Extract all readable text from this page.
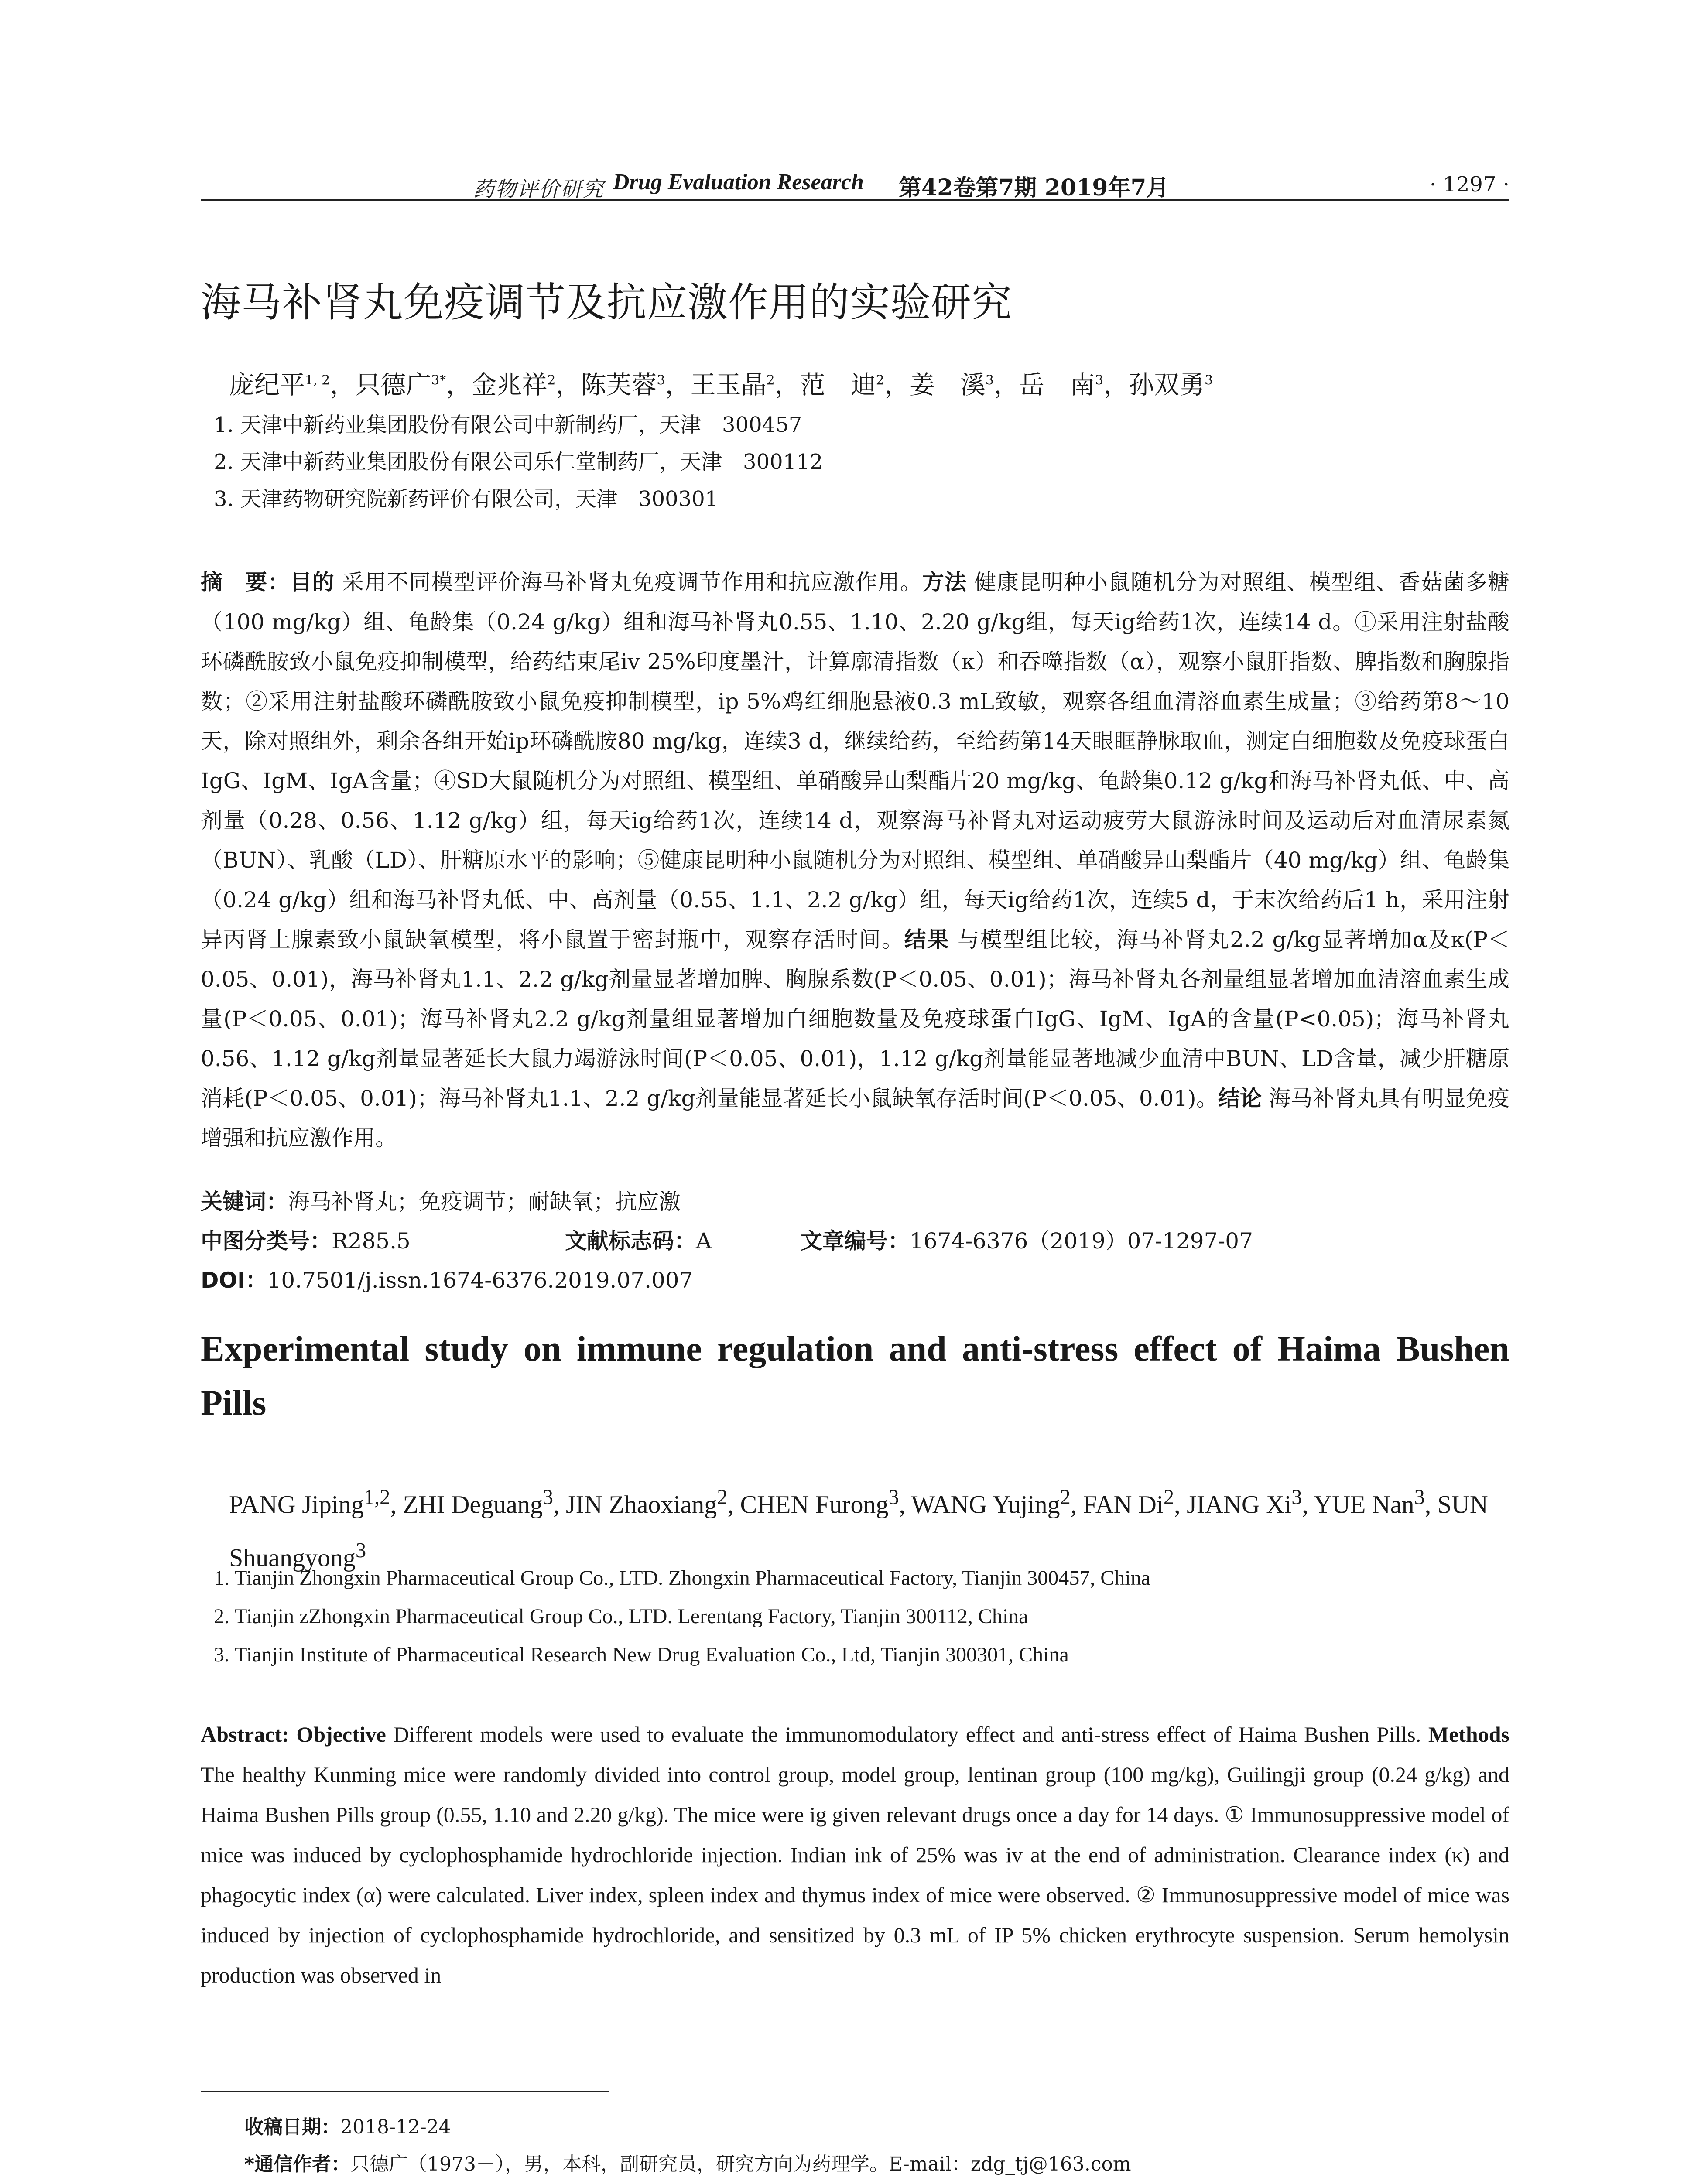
药物评价研究 Drug Evaluation Research 第42卷第7期 2019年7月	· 1297 ·
海马补肾丸免疫调节及抗应激作用的实验研究
庞纪平$^{1, 2}$，只德广$^{3*}$，金兆祥$^2$，陈芙蓉$^3$，王玉晶$^2$，范　迪$^2$，姜　溪$^3$，岳　南$^3$，孙双勇$^3$
1. 天津中新药业集团股份有限公司中新制药厂，天津　300457
2. 天津中新药业集团股份有限公司乐仁堂制药厂，天津　300112
3. 天津药物研究院新药评价有限公司，天津　300301
摘　要：目的 采用不同模型评价海马补肾丸免疫调节作用和抗应激作用。方法 健康昆明种小鼠随机分为对照组、模型组、香菇菌多糖（100 mg/kg）组、龟龄集（0.24 g/kg）组和海马补肾丸0.55、1.10、2.20 g/kg组，每天ig给药1次，连续14 d。①采用注射盐酸环磷酰胺致小鼠免疫抑制模型，给药结束尾iv 25%印度墨汁，计算廓清指数（κ）和吞噬指数（α），观察小鼠肝指数、脾指数和胸腺指数；②采用注射盐酸环磷酰胺致小鼠免疫抑制模型，ip 5%鸡红细胞悬液0.3 mL致敏，观察各组血清溶血素生成量；③给药第8～10天，除对照组外，剩余各组开始ip环磷酰胺80 mg/kg，连续3 d，继续给药，至给药第14天眼眶静脉取血，测定白细胞数及免疫球蛋白IgG、IgM、IgA含量；④SD大鼠随机分为对照组、模型组、单硝酸异山梨酯片20 mg/kg、龟龄集0.12 g/kg和海马补肾丸低、中、高剂量（0.28、0.56、1.12 g/kg）组，每天ig给药1次，连续14 d，观察海马补肾丸对运动疲劳大鼠游泳时间及运动后对血清尿素氮（BUN）、乳酸（LD）、肝糖原水平的影响；⑤健康昆明种小鼠随机分为对照组、模型组、单硝酸异山梨酯片（40 mg/kg）组、龟龄集（0.24 g/kg）组和海马补肾丸低、中、高剂量（0.55、1.1、2.2 g/kg）组，每天ig给药1次，连续5 d，于末次给药后1 h，采用注射异丙肾上腺素致小鼠缺氧模型，将小鼠置于密封瓶中，观察存活时间。结果 与模型组比较，海马补肾丸2.2 g/kg显著增加α及κ(P＜0.05、0.01)，海马补肾丸1.1、2.2 g/kg剂量显著增加脾、胸腺系数(P＜0.05、0.01)；海马补肾丸各剂量组显著增加血清溶血素生成量(P＜0.05、0.01)；海马补肾丸2.2 g/kg剂量组显著增加白细胞数量及免疫球蛋白IgG、IgM、IgA的含量(P<0.05)；海马补肾丸0.56、1.12 g/kg剂量显著延长大鼠力竭游泳时间(P＜0.05、0.01)，1.12 g/kg剂量能显著地减少血清中BUN、LD含量，减少肝糖原消耗(P＜0.05、0.01)；海马补肾丸1.1、2.2 g/kg剂量能显著延长小鼠缺氧存活时间(P＜0.05、0.01)。结论 海马补肾丸具有明显免疫增强和抗应激作用。
关键词：海马补肾丸；免疫调节；耐缺氧；抗应激
中图分类号：R285.5	文献标志码：A	文章编号：1674-6376（2019）07-1297-07
DOI：10.7501/j.issn.1674-6376.2019.07.007
Experimental study on immune regulation and anti-stress effect of Haima Bushen Pills
PANG Jiping$^{1,2}$, ZHI Deguang$^3$, JIN Zhaoxiang$^2$, CHEN Furong$^3$, WANG Yujing$^2$, FAN Di$^2$, JIANG Xi$^3$, YUE Nan$^3$, SUN Shuangyong$^3$
1. Tianjin Zhongxin Pharmaceutical Group Co., LTD. Zhongxin Pharmaceutical Factory, Tianjin 300457, China
2. Tianjin zZhongxin Pharmaceutical Group Co., LTD. Lerentang Factory, Tianjin 300112, China
3. Tianjin Institute of Pharmaceutical Research New Drug Evaluation Co., Ltd, Tianjin 300301, China
Abstract: Objective Different models were used to evaluate the immunomodulatory effect and anti-stress effect of Haima Bushen Pills. Methods The healthy Kunming mice were randomly divided into control group, model group, lentinan group (100 mg/kg), Guilingji group (0.24 g/kg) and Haima Bushen Pills group (0.55, 1.10 and 2.20 g/kg). The mice were ig given relevant drugs once a day for 14 days. ① Immunosuppressive model of mice was induced by cyclophosphamide hydrochloride injection. Indian ink of 25% was iv at the end of administration. Clearance index (κ) and phagocytic index (α) were calculated. Liver index, spleen index and thymus index of mice were observed. ② Immunosuppressive model of mice was induced by injection of cyclophosphamide hydrochloride, and sensitized by 0.3 mL of IP 5% chicken erythrocyte suspension. Serum hemolysin production was observed in
收稿日期：2018-12-24
*通信作者：只德广（1973－），男，本科，副研究员，研究方向为药理学。E-mail：zdg_tj@163.com
